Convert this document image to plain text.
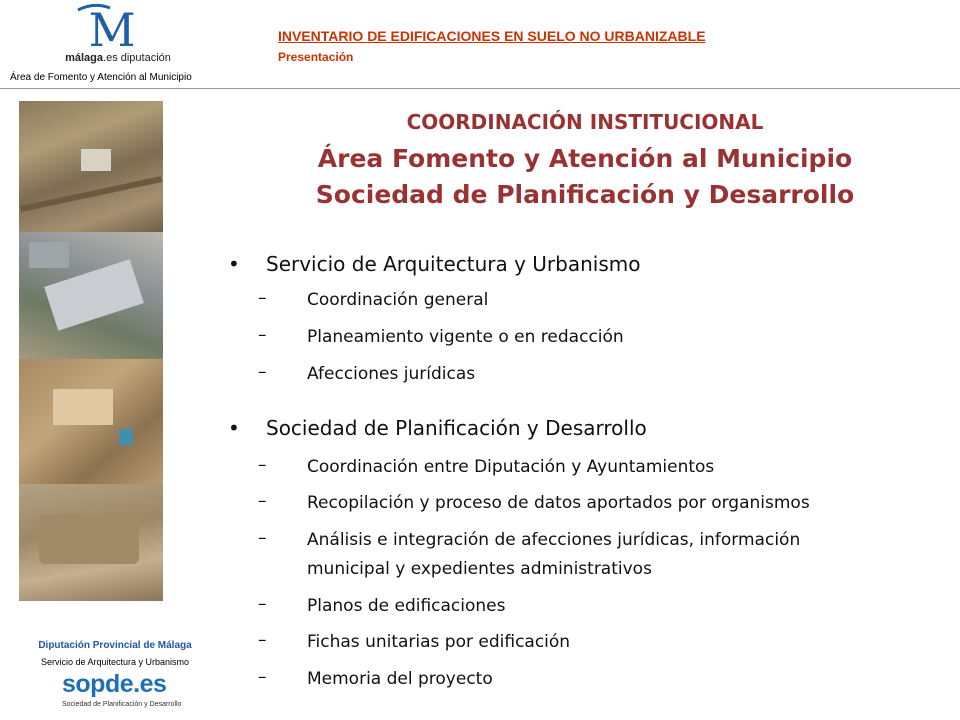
M
málaga.es diputación
Área de Fomento y Atención al Municipio
INVENTARIO DE EDIFICACIONES EN SUELO NO URBANIZABLE
Presentación
Diputación Provincial de Málaga
Servicio de Arquitectura y Urbanismo
sopde.es
Sociedad de Planificación y Desarrollo
COORDINACIÓN INSTITUCIONAL
Área Fomento y Atención al Municipio
Sociedad de Planificación y Desarrollo
• Servicio de Arquitectura y Urbanismo
– Coordinación general
– Planeamiento vigente o en redacción
– Afecciones jurídicas
• Sociedad de Planificación y Desarrollo
– Coordinación entre Diputación y Ayuntamientos
– Recopilación y proceso de datos aportados por organismos
– Análisis e integración de afecciones jurídicas, información
municipal y expedientes administrativos
– Planos de edificaciones
– Fichas unitarias por edificación
– Memoria del proyecto
